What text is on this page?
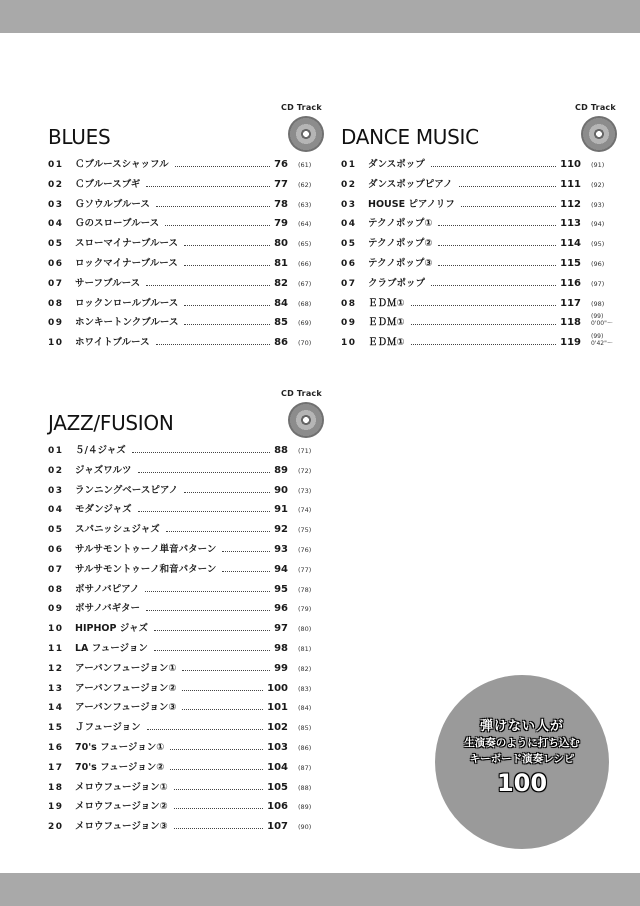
CD Track
BLUES
01 Ｃブルースシャッフル	76 (61)
02 Ｃブルースブギ	77 (62)
03 Ｇソウルブルース	78 (63)
04 Ｇのスローブルース	79 (64)
05 スローマイナーブルース	80 (65)
06 ロックマイナーブルース	81 (66)
07 サーフブルース	82 (67)
08 ロックンロールブルース	84 (68)
09 ホンキートンクブルース	85 (69)
10 ホワイトブルース	86 (70)
CD Track
DANCE MUSIC
01 ダンスポップ	110 (91)
02 ダンスポップピアノ	111 (92)
03 HOUSE ピアノリフ	112 (93)
04 テクノポップ①	113 (94)
05 テクノポップ②	114 (95)
06 テクノポップ③	115 (96)
07 クラブポップ	116 (97)
08 ＥＤＭ①	117 (98)
09 ＥＤＭ①	118
(99)
0'00"～
10 ＥＤＭ①	119
(99)
0'42"～
CD Track
JAZZ/FUSION
01 ５/４ジャズ	88 (71)
02 ジャズワルツ	89 (72)
03 ランニングベースピアノ	90 (73)
04 モダンジャズ	91 (74)
05 スパニッシュジャズ	92 (75)
06 サルサモントゥーノ単音パターン	93 (76)
07 サルサモントゥーノ和音パターン	94 (77)
08 ボサノバピアノ	95 (78)
09 ボサノバギター	96 (79)
10 HIPHOP ジャズ	97 (80)
11 LA フュージョン	98 (81)
12 アーバンフュージョン①	99 (82)
13 アーバンフュージョン②	100 (83)
14 アーバンフュージョン③	101 (84)
15 Ｊフュージョン	102 (85)
16 70's フュージョン①	103 (86)
17 70's フュージョン②	104 (87)
18 メロウフュージョン①	105 (88)
19 メロウフュージョン②	106 (89)
20 メロウフュージョン③	107 (90)
弾けない人が
生演奏のように打ち込む
キーボード演奏レシピ
100
